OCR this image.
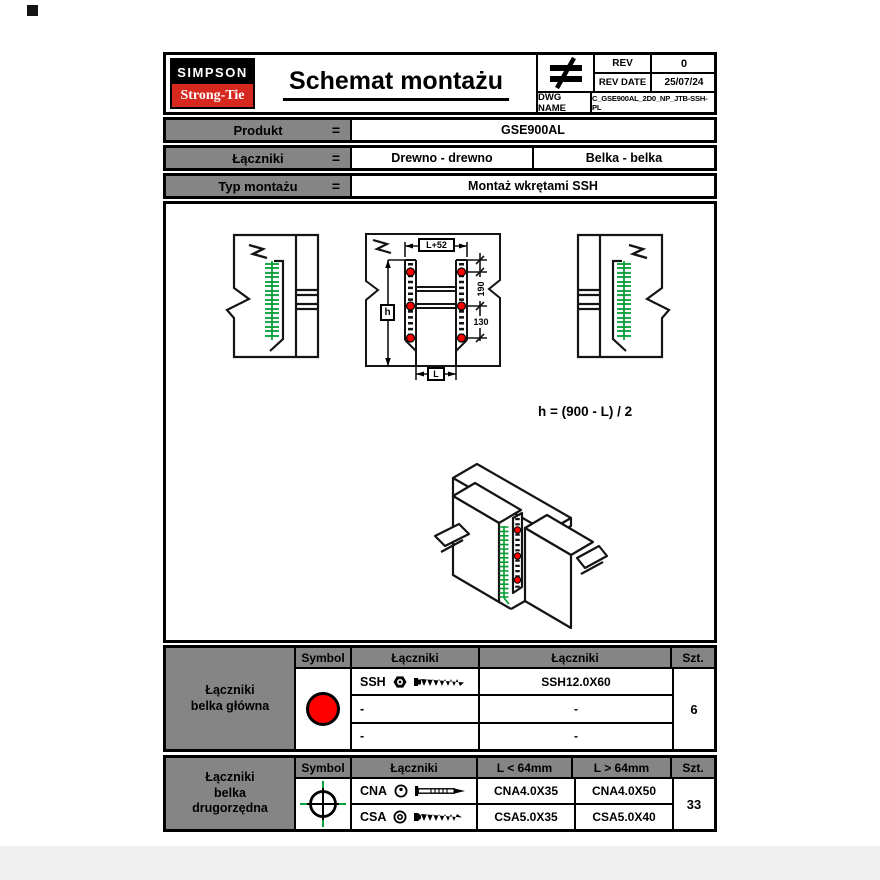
SIMPSON
Strong-Tie
Schemat montażu
REV	0
REV DATE	25/07/24
DWG NAME
C_GSE900AL_2D0_NP_JTB-SSH-PL
Produkt	=	GSE900AL
Łączniki	=	Drewno - drewno	Belka - belka
Typ montażu =	Montaż wkrętami SSH
L+52
h
190
130
L
h = (900 - L) / 2
Łączniki
belka główna
Symbol	Łączniki	Łączniki	Szt.
SSH	SSH12.0X60
-	-
-	-
6
Łączniki
belka
drugorzędna
Symbol	Łączniki	L < 64mm	L > 64mm	Szt.
CNA	CNA4.0X35	CNA4.0X50
CSA	CSA5.0X35	CSA5.0X40
33
